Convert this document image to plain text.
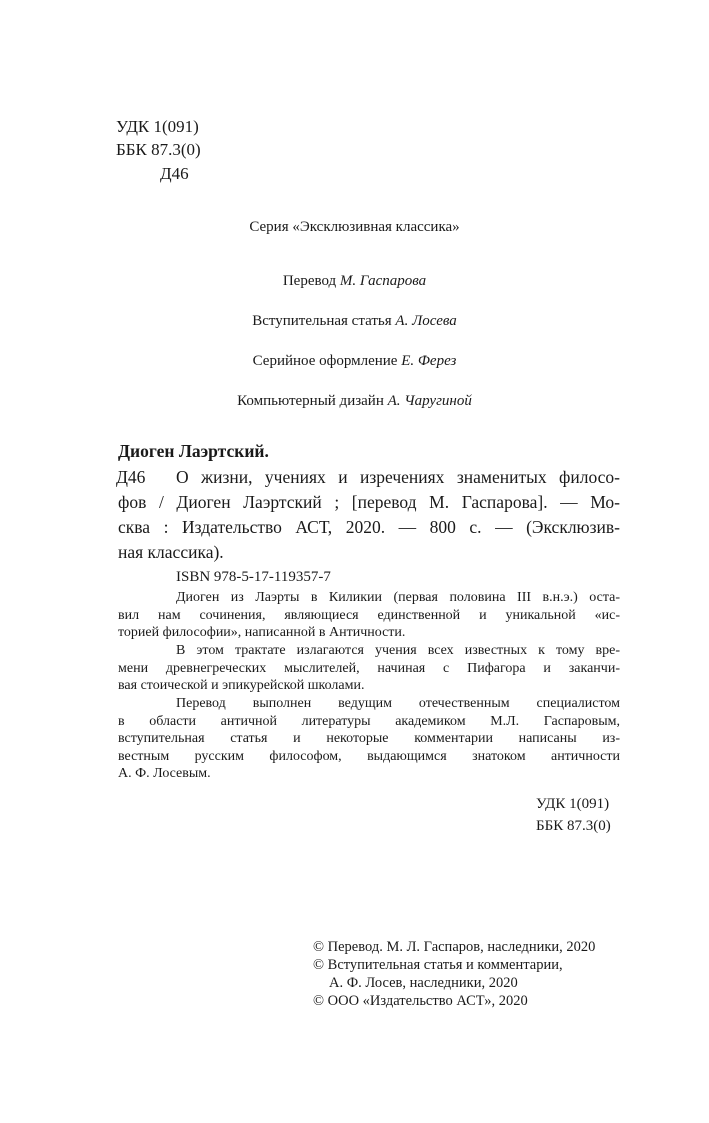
УДК 1(091)
ББК 87.3(0)
Д46
Серия «Эксклюзивная классика»
Перевод М. Гаспарова
Вступительная статья А. Лосева
Серийное оформление Е. Ферез
Компьютерный дизайн А. Чаругиной
Диоген Лаэртский.
Д46 О жизни, учениях и изречениях знаменитых филосо-
фов / Диоген Лаэртский ; [перевод М. Гаспарова]. — Мо-
сква : Издательство АСТ, 2020. — 800 с. — (Эксклюзив-
ная классика).
ISBN 978-5-17-119357-7
Диоген из Лаэрты в Киликии (первая половина III в.н.э.) оста-
вил нам сочинения, являющиеся единственной и уникальной «ис-
торией философии», написанной в Античности.
В этом трактате излагаются учения всех известных к тому вре-
мени древнегреческих мыслителей, начиная с Пифагора и заканчи-
вая стоической и эпикурейской школами.
Перевод выполнен ведущим отечественным специалистом
в области античной литературы академиком М.Л. Гаспаровым,
вступительная статья и некоторые комментарии написаны из-
вестным русским философом, выдающимся знатоком античности
А. Ф. Лосевым.
УДК 1(091)
ББК 87.3(0)
© Перевод. М. Л. Гаспаров, наследники, 2020
© Вступительная статья и комментарии,
А. Ф. Лосев, наследники, 2020
© ООО «Издательство АСТ», 2020
